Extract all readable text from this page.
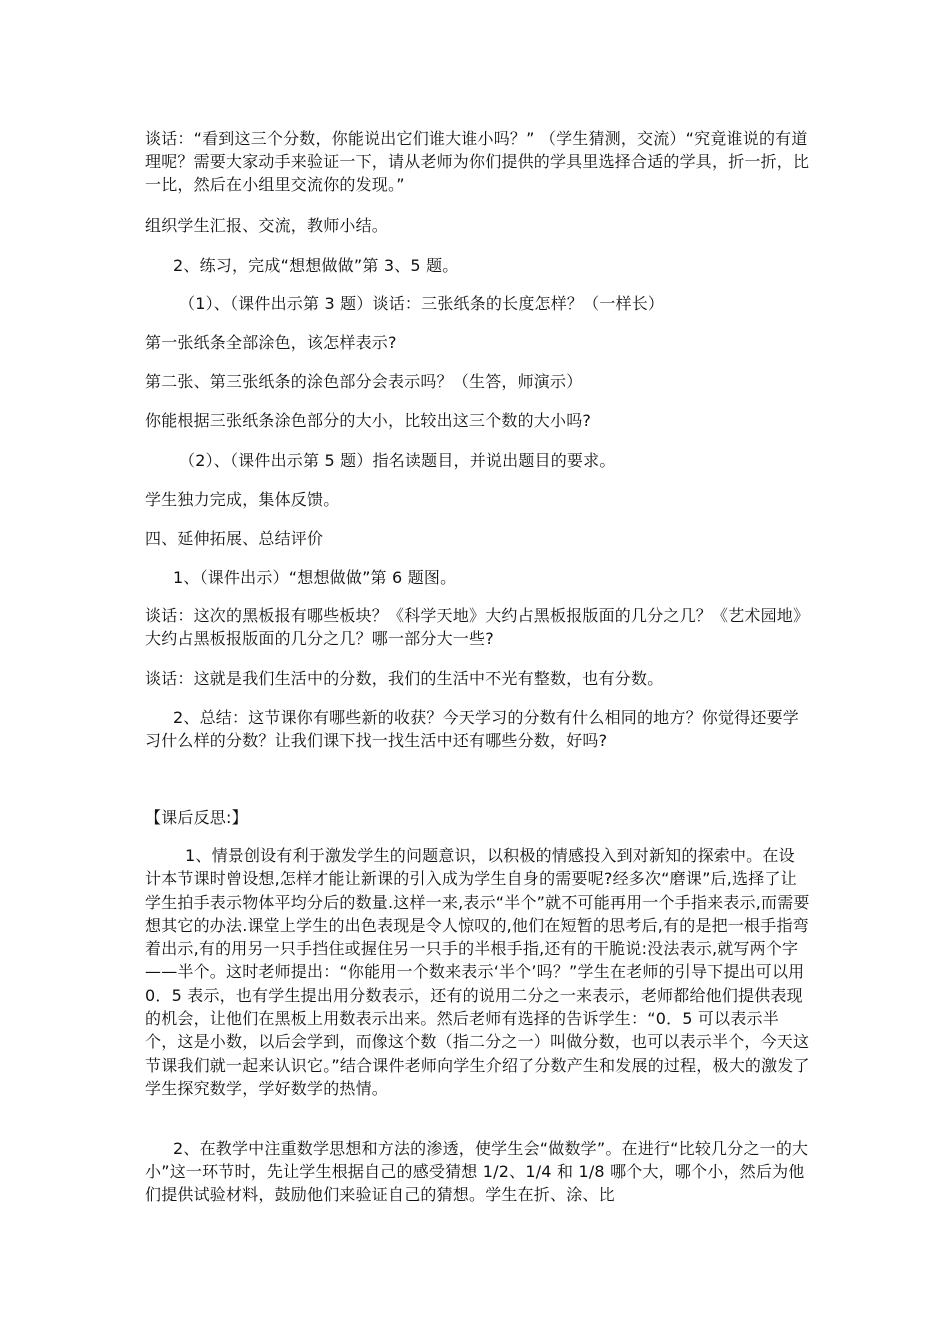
谈话：“看到这三个分数，你能说出它们谁大谁小吗？” （学生猜测，交流）“究竟谁说的有道理呢？需要大家动手来验证一下，请从老师为你们提供的学具里选择合适的学具，折一折，比一比，然后在小组里交流你的发现。”

组织学生汇报、交流，教师小结。

2、练习，完成“想想做做”第 3、5 题。

（1）、（课件出示第 3 题）谈话：三张纸条的长度怎样？（一样长）

第一张纸条全部涂色，该怎样表示?

第二张、第三张纸条的涂色部分会表示吗？（生答，师演示）

你能根据三张纸条涂色部分的大小，比较出这三个数的大小吗?

（2）、（课件出示第 5 题）指名读题目，并说出题目的要求。

学生独力完成，集体反馈。

四、延伸拓展、总结评价

1、（课件出示）“想想做做”第 6 题图。

谈话：这次的黑板报有哪些板块？《科学天地》大约占黑板报版面的几分之几？《艺术园地》大约占黑板报版面的几分之几？哪一部分大一些?

谈话：这就是我们生活中的分数，我们的生活中不光有整数，也有分数。

2、总结：这节课你有哪些新的收获？今天学习的分数有什么相同的地方？你觉得还要学习什么样的分数？让我们课下找一找生活中还有哪些分数，好吗?

【课后反思:】

1、情景创设有利于激发学生的问题意识，以积极的情感投入到对新知的探索中。在设计本节课时曾设想,怎样才能让新课的引入成为学生自身的需要呢?经多次“磨课”后,选择了让学生拍手表示物体平均分后的数量.这样一来,表示“半个”就不可能再用一个手指来表示,而需要想其它的办法.课堂上学生的出色表现是令人惊叹的,他们在短暂的思考后,有的是把一根手指弯着出示,有的用另一只手挡住或握住另一只手的半根手指,还有的干脆说:没法表示,就写两个字——半个。这时老师提出：“你能用一个数来表示‘半个’吗？”学生在老师的引导下提出可以用 0．5 表示，也有学生提出用分数表示，还有的说用二分之一来表示，老师都给他们提供表现的机会，让他们在黑板上用数表示出来。然后老师有选择的告诉学生：“0．5 可以表示半个，这是小数，以后会学到，而像这个数（指二分之一）叫做分数，也可以表示半个，今天这节课我们就一起来认识它。”结合课件老师向学生介绍了分数产生和发展的过程，极大的激发了学生探究数学，学好数学的热情。

2、在教学中注重数学思想和方法的渗透，使学生会“做数学”。在进行“比较几分之一的大小”这一环节时，先让学生根据自己的感受猜想 1/2、1/4 和 1/8 哪个大，哪个小，然后为他们提供试验材料，鼓励他们来验证自己的猜想。学生在折、涂、比
